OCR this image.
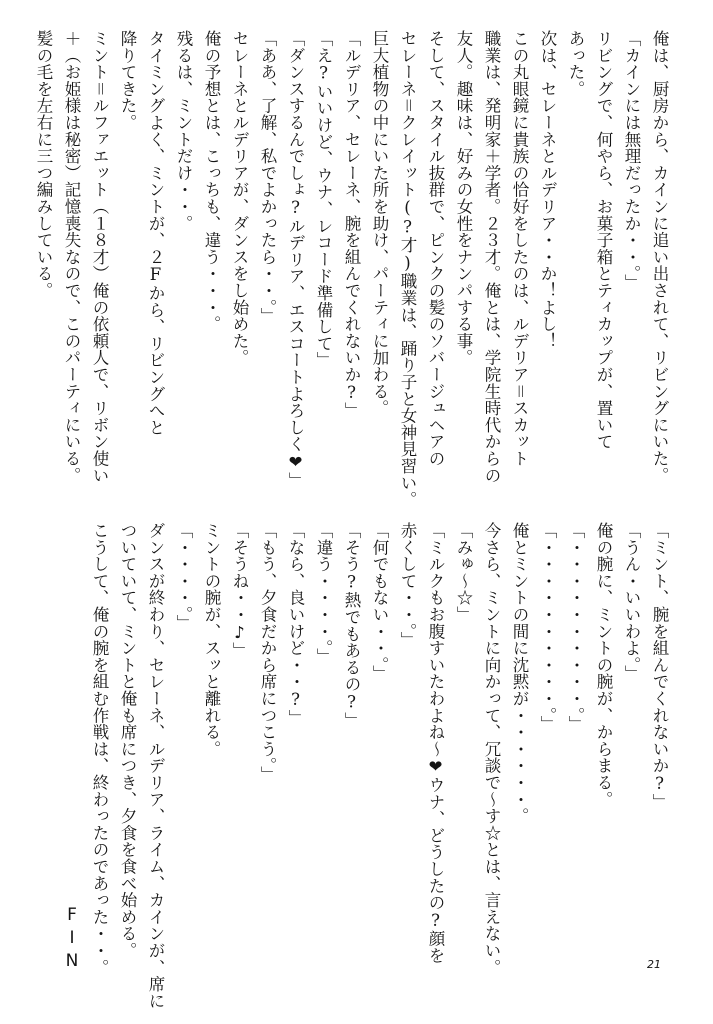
俺は、厨房から、カインに追い出されて、リビングにいた。
「カインには無理だったか・・。」
リビングで、何やら、お菓子箱とティカップが、置いて
あった。
次は、セレーネとルデリア・・か！よし！
この丸眼鏡に貴族の恰好をしたのは、ルデリア＝スカット
職業は、発明家＋学者。２３才。俺とは、学院生時代からの
友人。趣味は、好みの女性をナンパする事。
そして、スタイル抜群で、ピンクの髪のソバージュヘアの
セレーネ＝クレイット(?才)職業は、踊り子と女神見習い。
巨大植物の中にいた所を助け、パーティに加わる。
「ルデリア、セレーネ、腕を組んでくれないか?」
「え?いいけど、ウナ、レコード準備して」
「ダンスするんでしょ?ルデリア、エスコートよろしく❤」
「ああ、了解、私でよかったら・・。」
セレーネとルデリアが、ダンスをし始めた。
俺の予想とは、こっちも、違う・・・。
残るは、ミントだけ・・。
タイミングよく、ミントが、２Fから、リビングへと
降りてきた。
ミント＝ルファエット（１８才）俺の依頼人で、リボン使い
＋（お姫様は秘密）記憶喪失なので、このパーティにいる。
髪の毛を左右に三つ編みしている。
「ミント、腕を組んでくれないか?」
「うん・いいわよ。」
俺の腕に、ミントの腕が、からまる。
「・・・・・・・・・・。」
「・・・・・・・・・・。」
俺とミントの間に沈黙が・・・・・・。
今さら、ミントに向かって、冗談で〜す☆とは、言えない。
「みゅ〜☆」
「ミルクもお腹すいたわよね〜❤ウナ、どうしたの?顔を
赤くして・・。」
「何でもない・・。」
「そう?熱でもあるの?」
「違う・・・・。」
「なら、良いけど・・?」
「もう、夕食だから席につこう。」
「そうね・・♪」
ミントの腕が、スッと離れる。
「・・・・。」
ダンスが終わり、セレーネ、ルデリア、ライム、カインが、席に
ついていて、ミントと俺も席につき、夕食を食べ始める。
こうして、俺の腕を組む作戦は、終わったのであった・・。
FIN	21
